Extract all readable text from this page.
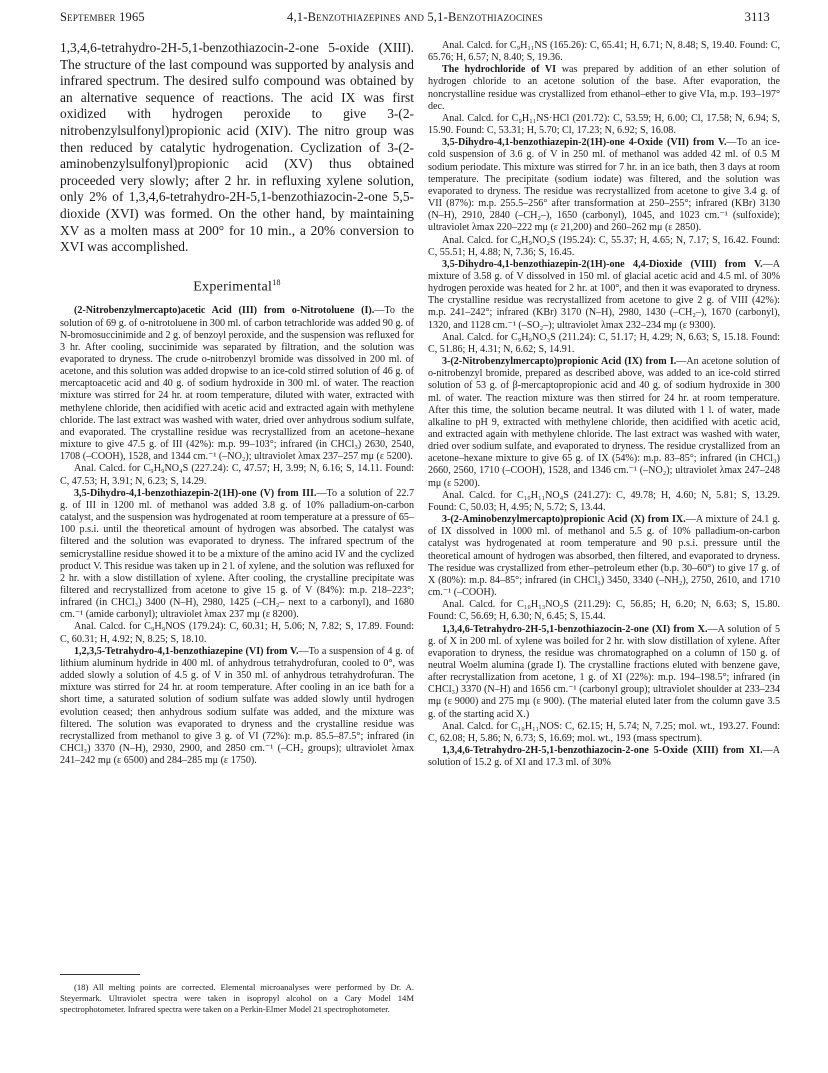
September 1965	4,1-Benzothiazepines and 5,1-Benzothiazocines	3113

1,3,4,6-tetrahydro-2H-5,1-benzothiazocin-2-one 5-oxide (XIII). The structure of the last compound was supported by analysis and infrared spectrum. The desired sulfo compound was obtained by an alternative sequence of reactions. The acid IX was first oxidized with hydrogen peroxide to give 3-(2-nitrobenzylsulfonyl)propionic acid (XIV). The nitro group was then reduced by catalytic hydrogenation. Cyclization of 3-(2-aminobenzylsulfonyl)propionic acid (XV) thus obtained proceeded very slowly; after 2 hr. in refluxing xylene solution, only 2% of 1,3,4,6-tetrahydro-2H-5,1-benzothiazocin-2-one 5,5-dioxide (XVI) was formed. On the other hand, by maintaining XV as a molten mass at 200° for 10 min., a 20% conversion to XVI was accomplished.

Experimental$^{18}$

(2-Nitrobenzylmercapto)acetic Acid (III) from o-Nitrotoluene (I).—To the solution of 69 g. of o-nitrotoluene in 300 ml. of carbon tetrachloride was added 90 g. of N-bromosuccinimide and 2 g. of benzoyl peroxide, and the suspension was refluxed for 3 hr. After cooling, succinimide was separated by filtration, and the solution was evaporated to dryness. The crude o-nitrobenzyl bromide was dissolved in 200 ml. of acetone, and this solution was added dropwise to an ice-cold stirred solution of 46 g. of mercaptoacetic acid and 40 g. of sodium hydroxide in 300 ml. of water. The reaction mixture was stirred for 24 hr. at room temperature, diluted with water, extracted with methylene chloride, then acidified with acetic acid and extracted again with methylene chloride. The last extract was washed with water, dried over anhydrous sodium sulfate, and evaporated. The crystalline residue was recrystallized from an acetone–hexane mixture to give 47.5 g. of III (42%): m.p. 99–103°; infrared (in CHCl₃) 2630, 2540, 1708 (–COOH), 1528, and 1344 cm.⁻¹ (–NO₂); ultraviolet λmax 237–257 mμ (ε 5200).

Anal. Calcd. for C₉H₉NO₄S (227.24): C, 47.57; H, 3.99; N, 6.16; S, 14.11. Found: C, 47.53; H, 3.91; N, 6.23; S, 14.29.

3,5-Dihydro-4,1-benzothiazepin-2(1H)-one (V) from III.—To a solution of 22.7 g. of III in 1200 ml. of methanol was added 3.8 g. of 10% palladium-on-carbon catalyst, and the suspension was hydrogenated at room temperature at a pressure of 65–100 p.s.i. until the theoretical amount of hydrogen was absorbed. The catalyst was filtered and the solution was evaporated to dryness. The infrared spectrum of the semicrystalline residue showed it to be a mixture of the amino acid IV and the cyclized product V. This residue was taken up in 2 l. of xylene, and the solution was refluxed for 2 hr. with a slow distillation of xylene. After cooling, the crystalline precipitate was filtered and recrystallized from acetone to give 15 g. of V (84%): m.p. 218–223°; infrared (in CHCl₃) 3400 (N–H), 2980, 1425 (–CH₂– next to a carbonyl), and 1680 cm.⁻¹ (amide carbonyl); ultraviolet λmax 237 mμ (ε 8200).

Anal. Calcd. for C₉H₉NOS (179.24): C, 60.31; H, 5.06; N, 7.82; S, 17.89. Found: C, 60.31; H, 4.92; N, 8.25; S, 18.10.

1,2,3,5-Tetrahydro-4,1-benzothiazepine (VI) from V.—To a suspension of 4 g. of lithium aluminum hydride in 400 ml. of anhydrous tetrahydrofuran, cooled to 0°, was added slowly a solution of 4.5 g. of V in 350 ml. of anhydrous tetrahydrofuran. The mixture was stirred for 24 hr. at room temperature. After cooling in an ice bath for a short time, a saturated solution of sodium sulfate was added slowly until hydrogen evolution ceased; then anhydrous sodium sulfate was added, and the mixture was filtered. The solution was evaporated to dryness and the crystalline residue was recrystallized from methanol to give 3 g. of VI (72%): m.p. 85.5–87.5°; infrared (in CHCl₃) 3370 (N–H), 2930, 2900, and 2850 cm.⁻¹ (–CH₂ groups); ultraviolet λmax 241–242 mμ (ε 6500) and 284–285 mμ (ε 1750).

(18) All melting points are corrected. Elemental microanalyses were performed by Dr. A. Steyermark. Ultraviolet spectra were taken in isopropyl alcohol on a Cary Model 14M spectrophotometer. Infrared spectra were taken on a Perkin-Elmer Model 21 spectrophotometer.

Anal. Calcd. for C₉H₁₁NS (165.26): C, 65.41; H, 6.71; N, 8.48; S, 19.40. Found: C, 65.76; H, 6.57; N, 8.40; S, 19.36.

The hydrochloride of VI was prepared by addition of an ether solution of hydrogen chloride to an acetone solution of the base. After evaporation, the noncrystalline residue was crystallized from ethanol–ether to give VIa, m.p. 193–197° dec.

Anal. Calcd. for C₉H₁₁NS·HCl (201.72): C, 53.59; H, 6.00; Cl, 17.58; N, 6.94; S, 15.90. Found: C, 53.31; H, 5.70; Cl, 17.23; N, 6.92; S, 16.08.

3,5-Dihydro-4,1-benzothiazepin-2(1H)-one 4-Oxide (VII) from V.—To an ice-cold suspension of 3.6 g. of V in 250 ml. of methanol was added 42 ml. of 0.5 M sodium periodate. This mixture was stirred for 7 hr. in an ice bath, then 3 days at room temperature. The precipitate (sodium iodate) was filtered, and the solution was evaporated to dryness. The residue was recrystallized from acetone to give 3.4 g. of VII (87%): m.p. 255.5–256° after transformation at 250–255°; infrared (KBr) 3130 (N–H), 2910, 2840 (–CH₂–), 1650 (carbonyl), 1045, and 1023 cm.⁻¹ (sulfoxide); ultraviolet λmax 220–222 mμ (ε 21,200) and 260–262 mμ (ε 2850).

Anal. Calcd. for C₉H₉NO₂S (195.24): C, 55.37; H, 4.65; N, 7.17; S, 16.42. Found: C, 55.51; H, 4.88; N, 7.36; S, 16.45.

3,5-Dihydro-4,1-benzothiazepin-2(1H)-one 4,4-Dioxide (VIII) from V.—A mixture of 3.58 g. of V dissolved in 150 ml. of glacial acetic acid and 4.5 ml. of 30% hydrogen peroxide was heated for 2 hr. at 100°, and then it was evaporated to dryness. The crystalline residue was recrystallized from acetone to give 2 g. of VIII (42%): m.p. 241–242°; infrared (KBr) 3170 (N–H), 2980, 1430 (–CH₂–), 1670 (carbonyl), 1320, and 1128 cm.⁻¹ (–SO₂–); ultraviolet λmax 232–234 mμ (ε 9300).

Anal. Calcd. for C₉H₉NO₃S (211.24): C, 51.17; H, 4.29; N, 6.63; S, 15.18. Found: C, 51.86; H, 4.31; N, 6.62; S, 14.91.

3-(2-Nitrobenzylmercapto)propionic Acid (IX) from I.—An acetone solution of o-nitrobenzyl bromide, prepared as described above, was added to an ice-cold stirred solution of 53 g. of β-mercaptopropionic acid and 40 g. of sodium hydroxide in 300 ml. of water. The reaction mixture was then stirred for 24 hr. at room temperature. After this time, the solution became neutral. It was diluted with 1 l. of water, made alkaline to pH 9, extracted with methylene chloride, then acidified with acetic acid, and extracted again with methylene chloride. The last extract was washed with water, dried over sodium sulfate, and evaporated to dryness. The residue crystallized from an acetone–hexane mixture to give 65 g. of IX (54%): m.p. 83–85°; infrared (in CHCl₃) 2660, 2560, 1710 (–COOH), 1528, and 1346 cm.⁻¹ (–NO₂); ultraviolet λmax 247–248 mμ (ε 5200).

Anal. Calcd. for C₁₀H₁₁NO₄S (241.27): C, 49.78; H, 4.60; N, 5.81; S, 13.29. Found: C, 50.03; H, 4.95; N, 5.72; S, 13.44.

3-(2-Aminobenzylmercapto)propionic Acid (X) from IX.—A mixture of 24.1 g. of IX dissolved in 1000 ml. of methanol and 5.5 g. of 10% palladium-on-carbon catalyst was hydrogenated at room temperature and 90 p.s.i. pressure until the theoretical amount of hydrogen was absorbed, then filtered, and evaporated to dryness. The residue was crystallized from ether–petroleum ether (b.p. 30–60°) to give 17 g. of X (80%): m.p. 84–85°; infrared (in CHCl₃) 3450, 3340 (–NH₂), 2750, 2610, and 1710 cm.⁻¹ (–COOH).

Anal. Calcd. for C₁₀H₁₃NO₂S (211.29): C, 56.85; H, 6.20; N, 6.63; S, 15.80. Found: C, 56.69; H, 6.30; N, 6.45; S, 15.44.

1,3,4,6-Tetrahydro-2H-5,1-benzothiazocin-2-one (XI) from X.—A solution of 5 g. of X in 200 ml. of xylene was boiled for 2 hr. with slow distillation of xylene. After evaporation to dryness, the residue was chromatographed on a column of 150 g. of neutral Woelm alumina (grade I). The crystalline fractions eluted with benzene gave, after recrystallization from acetone, 1 g. of XI (22%): m.p. 194–198.5°; infrared (in CHCl₃) 3370 (N–H) and 1656 cm.⁻¹ (carbonyl group); ultraviolet shoulder at 233–234 mμ (ε 9000) and 275 mμ (ε 900). (The material eluted later from the column gave 3.5 g. of the starting acid X.)

Anal. Calcd. for C₁₀H₁₁NOS: C, 62.15; H, 5.74; N, 7.25; mol. wt., 193.27. Found: C, 62.08; H, 5.86; N, 6.73; S, 16.69; mol. wt., 193 (mass spectrum).

1,3,4,6-Tetrahydro-2H-5,1-benzothiazocin-2-one 5-Oxide (XIII) from XI.—A solution of 15.2 g. of XI and 17.3 ml. of 30%
